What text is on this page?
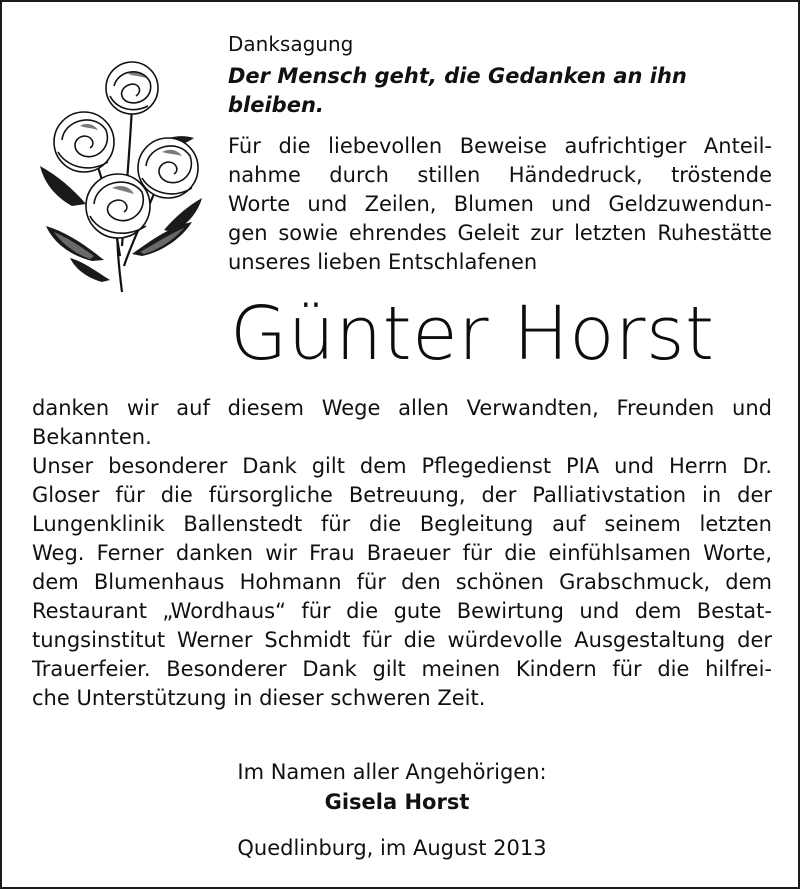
Danksagung
Der Mensch geht, die Gedanken an ihn bleiben.
Für die liebevollen Beweise aufrichtiger Anteil-
nahme durch stillen Händedruck, tröstende
Worte und Zeilen, Blumen und Geldzuwendun-
gen sowie ehrendes Geleit zur letzten Ruhestätte
unseres lieben Entschlafenen
Günter Horst
danken wir auf diesem Wege allen Verwandten, Freunden und
Bekannten.
Unser besonderer Dank gilt dem Pflegedienst PIA und Herrn Dr.
Gloser für die fürsorgliche Betreuung, der Palliativstation in der
Lungenklinik Ballenstedt für die Begleitung auf seinem letzten
Weg. Ferner danken wir Frau Braeuer für die einfühlsamen Worte,
dem Blumenhaus Hohmann für den schönen Grabschmuck, dem
Restaurant „Wordhaus“ für die gute Bewirtung und dem Bestat-
tungsinstitut Werner Schmidt für die würdevolle Ausgestaltung der
Trauerfeier. Besonderer Dank gilt meinen Kindern für die hilfrei-
che Unterstützung in dieser schweren Zeit.
Im Namen aller Angehörigen:
Gisela Horst
Quedlinburg, im August 2013
